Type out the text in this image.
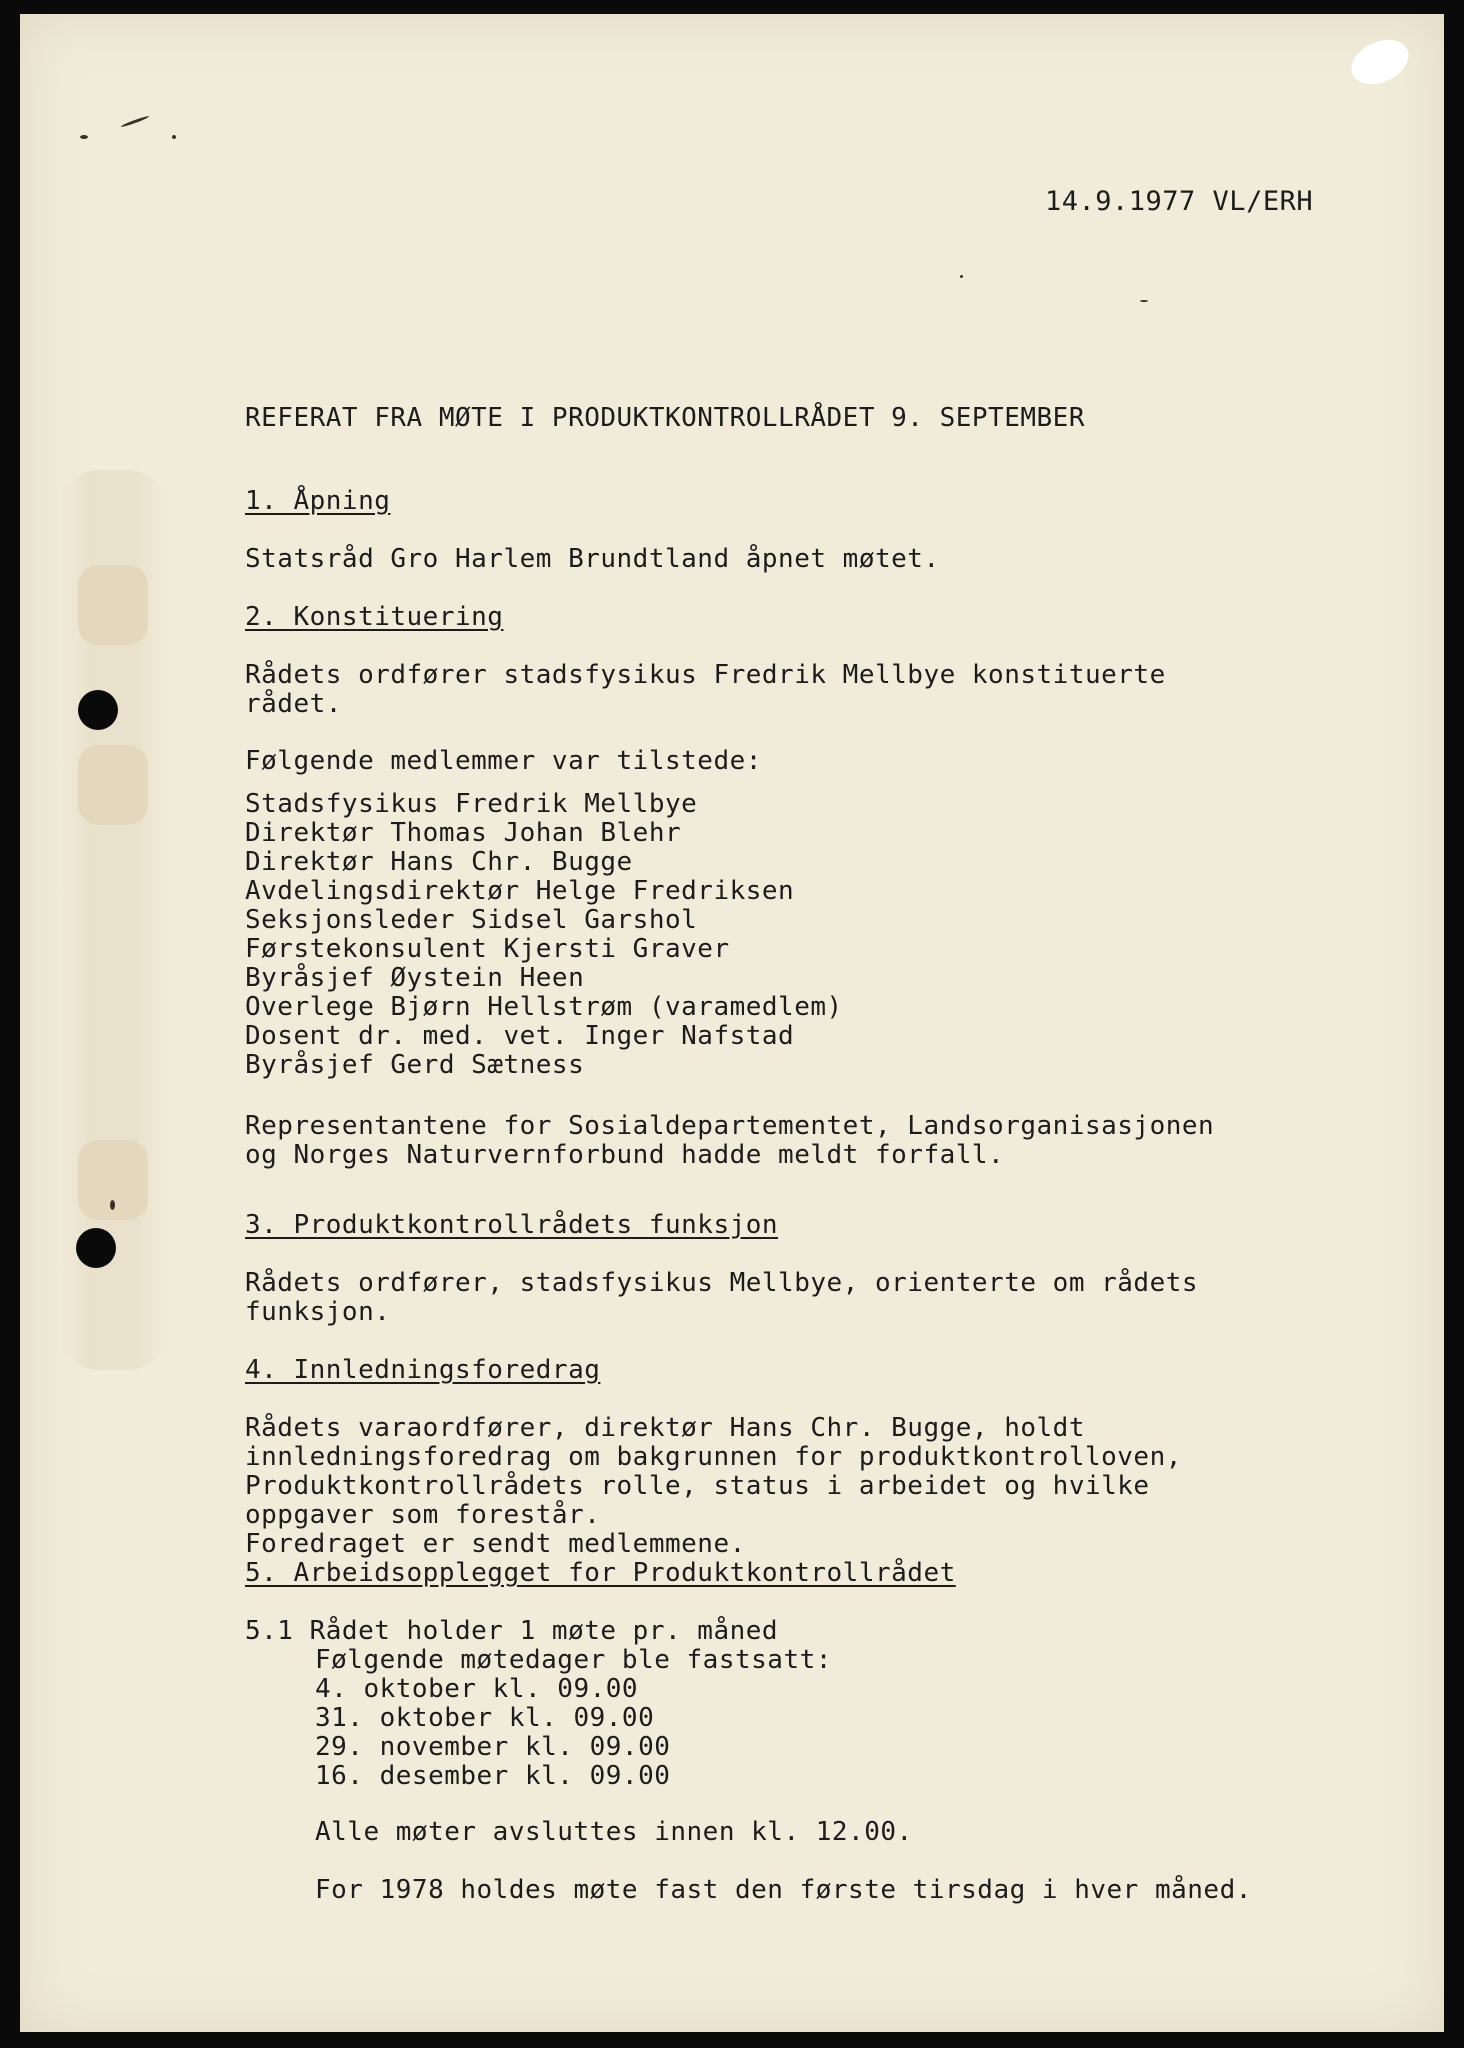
14.9.1977 VL/ERH
REFERAT FRA MØTE I PRODUKTKONTROLLRÅDET 9. SEPTEMBER
1. Åpning
Statsråd Gro Harlem Brundtland åpnet møtet.
2. Konstituering
Rådets ordfører stadsfysikus Fredrik Mellbye konstituerte
rådet.
Følgende medlemmer var tilstede:
Stadsfysikus Fredrik Mellbye
Direktør Thomas Johan Blehr
Direktør Hans Chr. Bugge
Avdelingsdirektør Helge Fredriksen
Seksjonsleder Sidsel Garshol
Førstekonsulent Kjersti Graver
Byråsjef Øystein Heen
Overlege Bjørn Hellstrøm (varamedlem)
Dosent dr. med. vet. Inger Nafstad
Byråsjef Gerd Sætness
Representantene for Sosialdepartementet, Landsorganisasjonen
og Norges Naturvernforbund hadde meldt forfall.
3. Produktkontrollrådets funksjon
Rådets ordfører, stadsfysikus Mellbye, orienterte om rådets
funksjon.
4. Innledningsforedrag
Rådets varaordfører, direktør Hans Chr. Bugge, holdt
innledningsforedrag om bakgrunnen for produktkontrolloven,
Produktkontrollrådets rolle, status i arbeidet og hvilke
oppgaver som forestår.
Foredraget er sendt medlemmene.
5. Arbeidsopplegget for Produktkontrollrådet
5.1 Rådet holder 1 møte pr. måned
Følgende møtedager ble fastsatt:
4. oktober kl. 09.00
31. oktober kl. 09.00
29. november kl. 09.00
16. desember kl. 09.00
Alle møter avsluttes innen kl. 12.00.
For 1978 holdes møte fast den første tirsdag i hver måned.
